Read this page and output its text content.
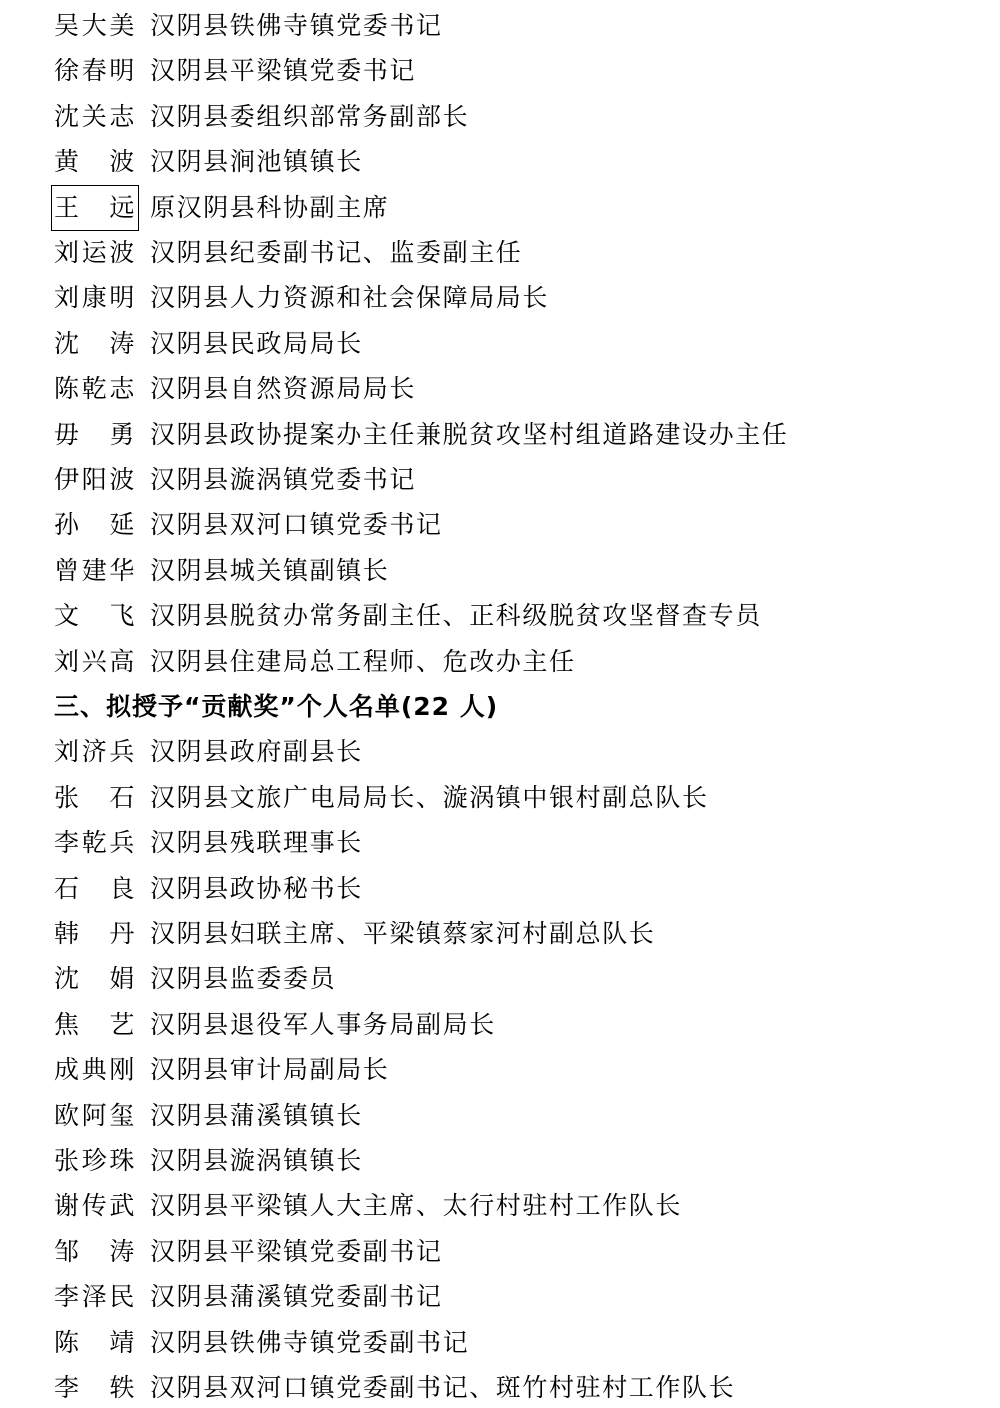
吴大美 汉阴县铁佛寺镇党委书记
徐春明 汉阴县平梁镇党委书记
沈关志 汉阴县委组织部常务副部长
黄　波 汉阴县涧池镇镇长
王　远 原汉阴县科协副主席
刘运波 汉阴县纪委副书记、监委副主任
刘康明 汉阴县人力资源和社会保障局局长
沈　涛 汉阴县民政局局长
陈乾志 汉阴县自然资源局局长
毋　勇 汉阴县政协提案办主任兼脱贫攻坚村组道路建设办主任
伊阳波 汉阴县漩涡镇党委书记
孙　延 汉阴县双河口镇党委书记
曾建华 汉阴县城关镇副镇长
文　飞 汉阴县脱贫办常务副主任、正科级脱贫攻坚督查专员
刘兴高 汉阴县住建局总工程师、危改办主任
三、拟授予“贡献奖”个人名单(22 人)
刘济兵 汉阴县政府副县长
张　石 汉阴县文旅广电局局长、漩涡镇中银村副总队长
李乾兵 汉阴县残联理事长
石　良 汉阴县政协秘书长
韩　丹 汉阴县妇联主席、平梁镇蔡家河村副总队长
沈　娟 汉阴县监委委员
焦　艺 汉阴县退役军人事务局副局长
成典刚 汉阴县审计局副局长
欧阿玺 汉阴县蒲溪镇镇长
张珍珠 汉阴县漩涡镇镇长
谢传武 汉阴县平梁镇人大主席、太行村驻村工作队长
邹　涛 汉阴县平梁镇党委副书记
李泽民 汉阴县蒲溪镇党委副书记
陈　靖 汉阴县铁佛寺镇党委副书记
李　轶 汉阴县双河口镇党委副书记、斑竹村驻村工作队长
